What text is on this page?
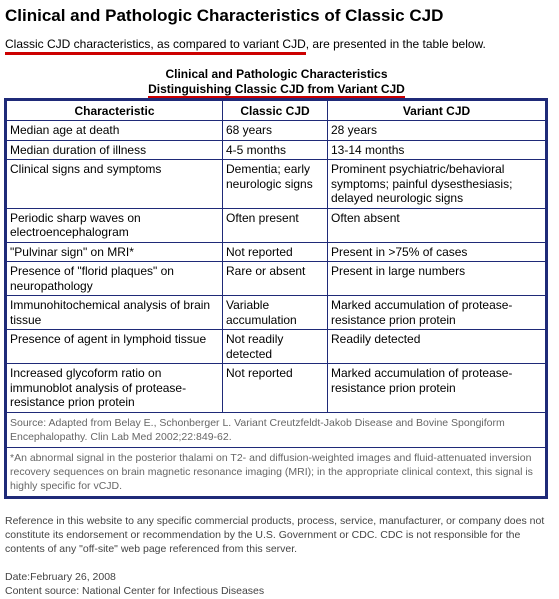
Clinical and Pathologic Characteristics of Classic CJD
Classic CJD characteristics, as compared to variant CJD, are presented in the table below.
Clinical and Pathologic Characteristics
Distinguishing Classic CJD from Variant CJD
Characteristic	Classic CJD	Variant CJD
Median age at death	68 years	28 years
Median duration of illness	4-5 months	13-14 months
Clinical signs and symptoms	Dementia; early neurologic signs	Prominent psychiatric/behavioral symptoms; painful dysesthesiasis; delayed neurologic signs
Periodic sharp waves on electroencephalogram	Often present	Often absent
"Pulvinar sign" on MRI*	Not reported	Present in >75% of cases
Presence of "florid plaques" on neuropathology	Rare or absent	Present in large numbers
Immunohitochemical analysis of brain tissue	Variable accumulation	Marked accumulation of protease-resistance prion protein
Presence of agent in lymphoid tissue	Not readily detected	Readily detected
Increased glycoform ratio on immunoblot analysis of protease-resistance prion protein	Not reported	Marked accumulation of protease-resistance prion protein
Source: Adapted from Belay E., Schonberger L. Variant Creutzfeldt-Jakob Disease and Bovine Spongiform Encephalopathy. Clin Lab Med 2002;22:849-62.		
*An abnormal signal in the posterior thalami on T2- and diffusion-weighted images and fluid-attenuated inversion recovery sequences on brain magnetic resonance imaging (MRI); in the appropriate clinical context, this signal is highly specific for vCJD.		
Reference in this website to any specific commercial products, process, service, manufacturer, or company does not constitute its endorsement or recommendation by the U.S. Government or CDC. CDC is not responsible for the contents of any "off-site" web page referenced from this server.
Date:February 26, 2008
Content source: National Center for Infectious Diseases
